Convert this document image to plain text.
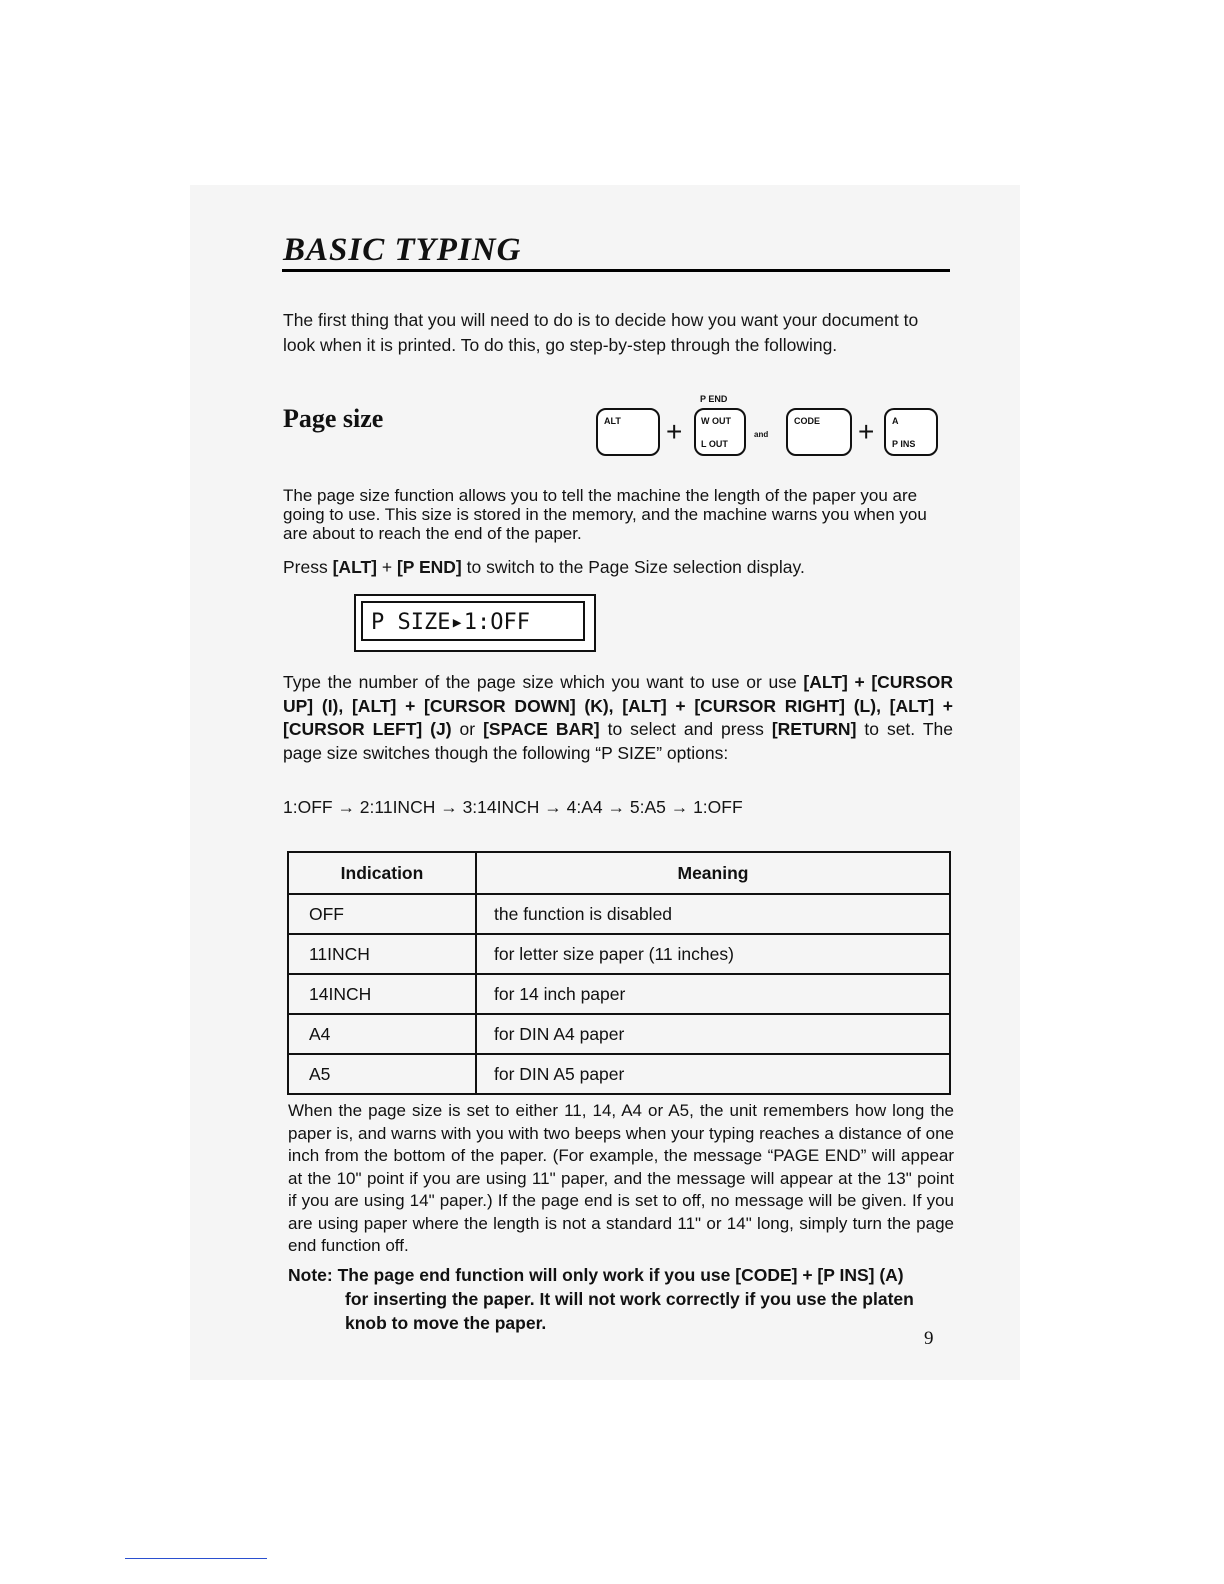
BASIC TYPING
The first thing that you will need to do is to decide how you want your document to look when it is printed. To do this, go step-by-step through the following.
Page size
P END
ALT + W OUT
L OUT
and
CODE + A
P INS
The page size function allows you to tell the machine the length of the paper you are going to use. This size is stored in the memory, and the machine warns you when you are about to reach the end of the paper.
Press [ALT] + [P END] to switch to the Page Size selection display.
P SIZE▸1:OFF
Type the number of the page size which you want to use or use [ALT] + [CURSOR UP] (I), [ALT] + [CURSOR DOWN] (K), [ALT] + [CURSOR RIGHT] (L), [ALT] + [CURSOR LEFT] (J) or [SPACE BAR] to select and press [RETURN] to set. The page size switches though the following “P SIZE” options:
1:OFF → 2:11INCH → 3:14INCH → 4:A4 → 5:A5 → 1:OFF
Indication	Meaning
OFF	the function is disabled
11INCH	for letter size paper (11 inches)
14INCH	for 14 inch paper
A4	for DIN A4 paper
A5	for DIN A5 paper
When the page size is set to either 11, 14, A4 or A5, the unit remembers how long the paper is, and warns with you with two beeps when your typing reaches a distance of one inch from the bottom of the paper. (For example, the message “PAGE END” will appear at the 10" point if you are using 11" paper, and the message will appear at the 13" point if you are using 14" paper.) If the page end is set to off, no message will be given. If you are using paper where the length is not a standard 11" or 14" long, simply turn the page end function off.
Note: The page end function will only work if you use [CODE] + [P INS] (A)
for inserting the paper. It will not work correctly if you use the platen knob to move the paper.
9
